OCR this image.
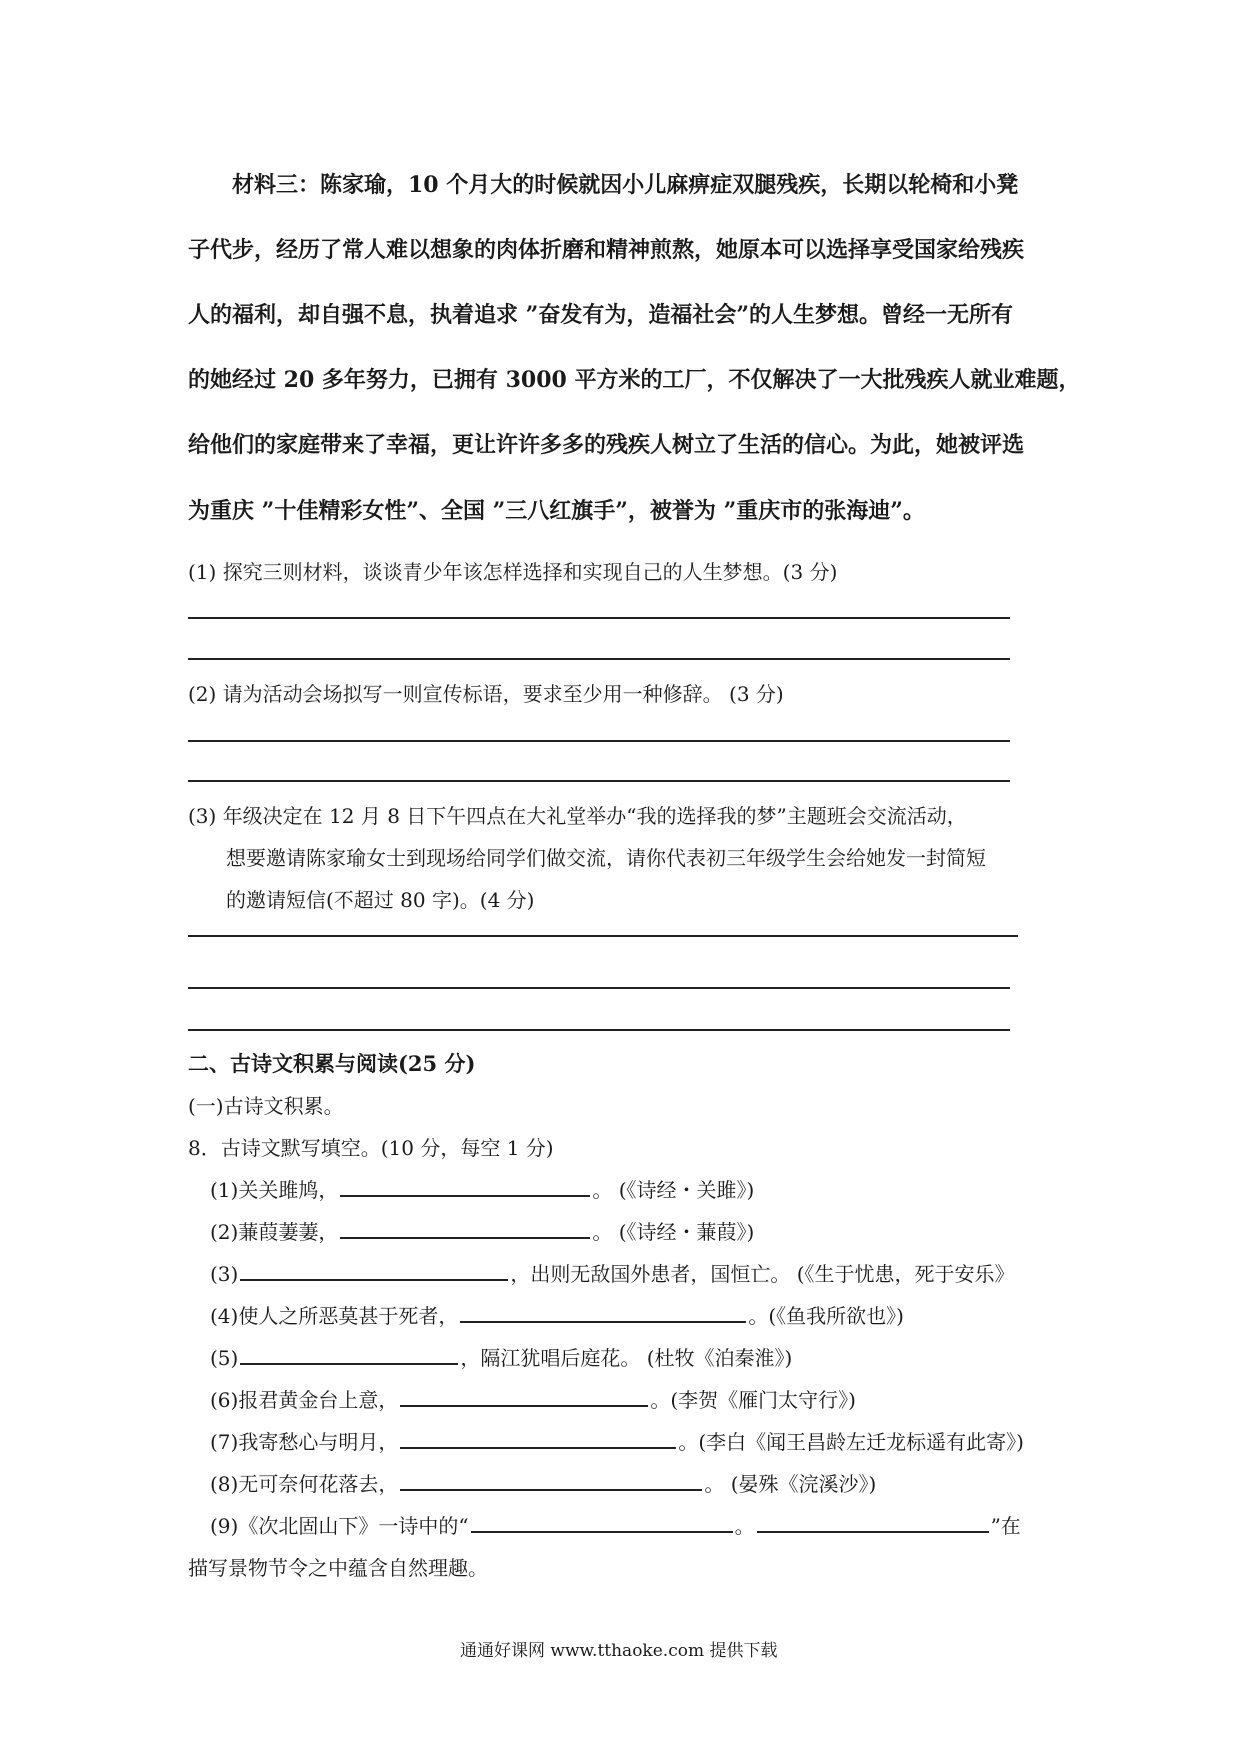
材料三：陈家瑜，10 个月大的时候就因小儿麻痹症双腿残疾，长期以轮椅和小凳
子代步，经历了常人难以想象的肉体折磨和精神煎熬，她原本可以选择享受国家给残疾
人的福利，却自强不息，执着追求 ”奋发有为，造福社会”的人生梦想。曾经一无所有
的她经过 20 多年努力，已拥有 3000 平方米的工厂，不仅解决了一大批残疾人就业难题，
给他们的家庭带来了幸福，更让许许多多的残疾人树立了生活的信心。为此，她被评选
为重庆 ”十佳精彩女性”、全国 ”三八红旗手”，被誉为 ”重庆市的张海迪”。
(1) 探究三则材料，谈谈青少年该怎样选择和实现自己的人生梦想。(3 分)
(2) 请为活动会场拟写一则宣传标语，要求至少用一种修辞。 (3 分)
(3) 年级决定在 12 月 8 日下午四点在大礼堂举办“我的选择我的梦”主题班会交流活动，
想要邀请陈家瑜女士到现场给同学们做交流，请你代表初三年级学生会给她发一封简短
的邀请短信(不超过 80 字)。(4 分)
二、古诗文积累与阅读(25 分)
(一)古诗文积累。
8．古诗文默写填空。(10 分，每空 1 分)
(1)关关雎鸠，	。 (《诗经・关雎》)
(2)蒹葭萋萋，	。 (《诗经・蒹葭》)
(3)	，出则无敌国外患者，国恒亡。 (《生于忧患，死于安乐》
(4)使人之所恶莫甚于死者，	。(《鱼我所欲也》)
(5)	，隔江犹唱后庭花。 (杜牧《泊秦淮》)
(6)报君黄金台上意，	。(李贺《雁门太守行》)
(7)我寄愁心与明月，	。(李白《闻王昌龄左迁龙标遥有此寄》)
(8)无可奈何花落去，	。 (晏殊《浣溪沙》)
(9)《次北固山下》一诗中的“	。	”在
描写景物节令之中蕴含自然理趣。
通通好课网 www.tthaoke.com 提供下载
